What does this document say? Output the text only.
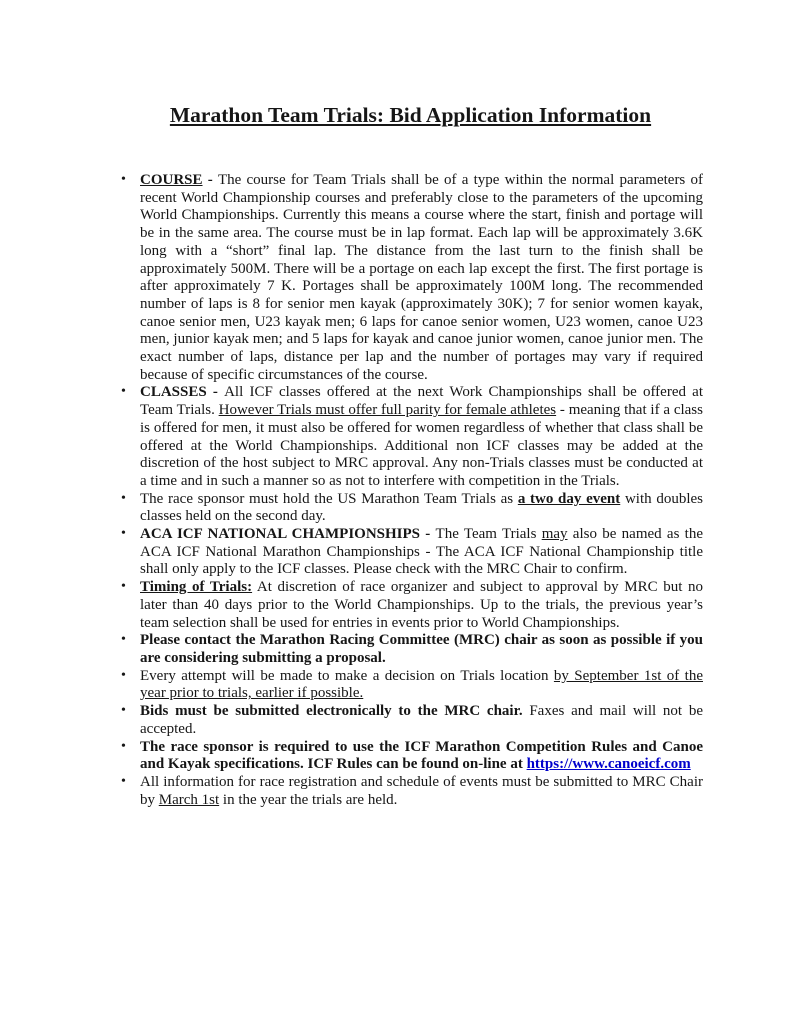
Marathon Team Trials: Bid Application Information
• COURSE - The course for Team Trials shall be of a type within the normal parameters of recent World Championship courses and preferably close to the parameters of the upcoming World Championships. Currently this means a course where the start, finish and portage will be in the same area. The course must be in lap format. Each lap will be approximately 3.6K long with a “short” final lap. The distance from the last turn to the finish shall be approximately 500M. There will be a portage on each lap except the first. The first portage is after approximately 7 K. Portages shall be approximately 100M long. The recommended number of laps is 8 for senior men kayak (approximately 30K); 7 for senior women kayak, canoe senior men, U23 kayak men; 6 laps for canoe senior women, U23 women, canoe U23 men, junior kayak men; and 5 laps for kayak and canoe junior women, canoe junior men. The exact number of laps, distance per lap and the number of portages may vary if required because of specific circumstances of the course.
• CLASSES - All ICF classes offered at the next Work Championships shall be offered at Team Trials. However Trials must offer full parity for female athletes - meaning that if a class is offered for men, it must also be offered for women regardless of whether that class shall be offered at the World Championships. Additional non ICF classes may be added at the discretion of the host subject to MRC approval. Any non-Trials classes must be conducted at a time and in such a manner so as not to interfere with competition in the Trials.
• The race sponsor must hold the US Marathon Team Trials as a two day event with doubles classes held on the second day.
• ACA ICF NATIONAL CHAMPIONSHIPS - The Team Trials may also be named as the ACA ICF National Marathon Championships - The ACA ICF National Championship title shall only apply to the ICF classes. Please check with the MRC Chair to confirm.
• Timing of Trials: At discretion of race organizer and subject to approval by MRC but no later than 40 days prior to the World Championships. Up to the trials, the previous year’s team selection shall be used for entries in events prior to World Championships.
• Please contact the Marathon Racing Committee (MRC) chair as soon as possible if you are considering submitting a proposal.
• Every attempt will be made to make a decision on Trials location by September 1st of the year prior to trials, earlier if possible.
• Bids must be submitted electronically to the MRC chair. Faxes and mail will not be accepted.
• The race sponsor is required to use the ICF Marathon Competition Rules and Canoe and Kayak specifications. ICF Rules can be found on-line at https://www.canoeicf.com
• All information for race registration and schedule of events must be submitted to MRC Chair by March 1st in the year the trials are held.
